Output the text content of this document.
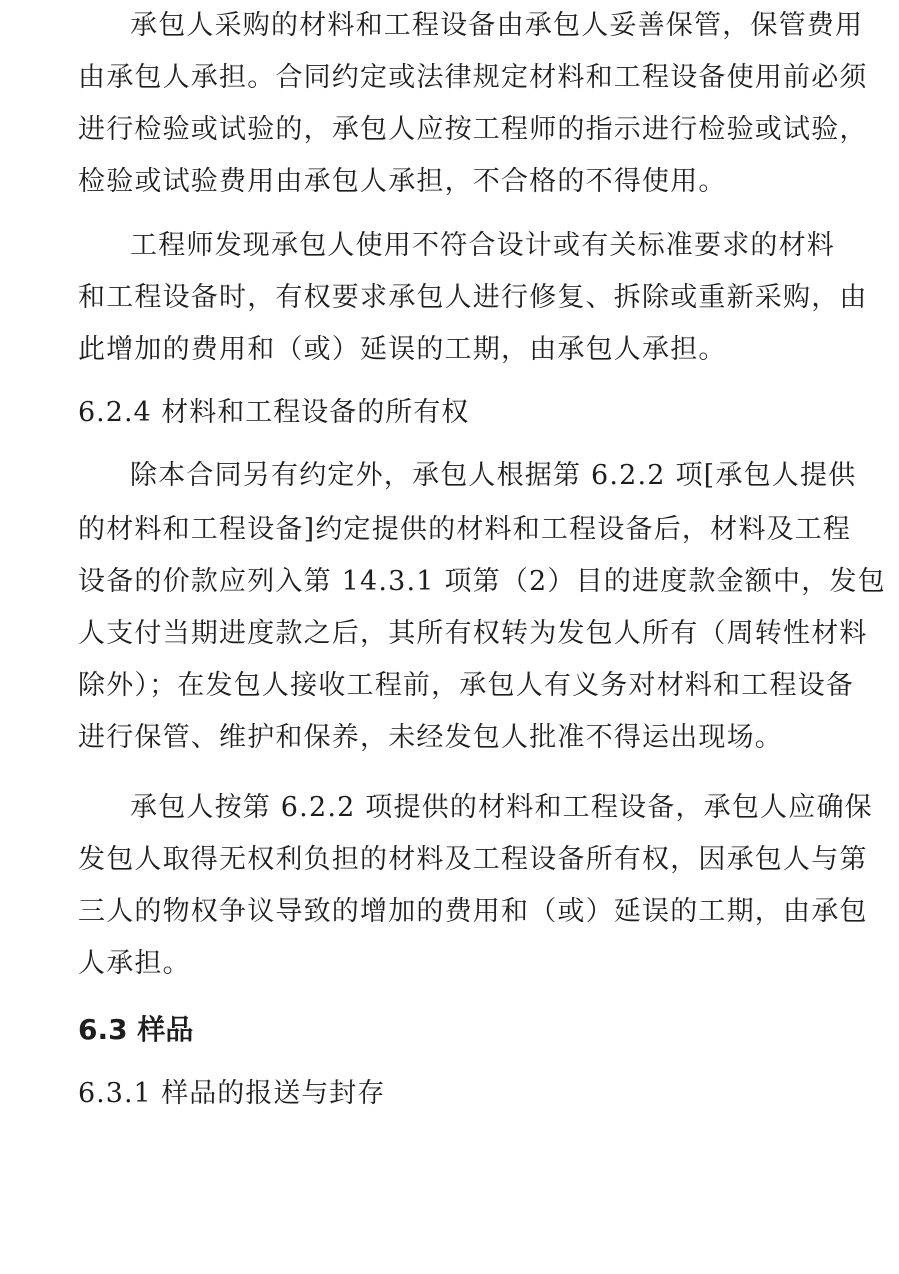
承包人采购的材料和工程设备由承包人妥善保管，保管费用
由承包人承担。合同约定或法律规定材料和工程设备使用前必须
进行检验或试验的，承包人应按工程师的指示进行检验或试验，
检验或试验费用由承包人承担，不合格的不得使用。
工程师发现承包人使用不符合设计或有关标准要求的材料
和工程设备时，有权要求承包人进行修复、拆除或重新采购，由
此增加的费用和（或）延误的工期，由承包人承担。
6.2.4 材料和工程设备的所有权
除本合同另有约定外，承包人根据第 6.2.2 项[承包人提供
的材料和工程设备]约定提供的材料和工程设备后，材料及工程
设备的价款应列入第 14.3.1 项第（2）目的进度款金额中，发包
人支付当期进度款之后，其所有权转为发包人所有（周转性材料
除外）；在发包人接收工程前，承包人有义务对材料和工程设备
进行保管、维护和保养，未经发包人批准不得运出现场。
承包人按第 6.2.2 项提供的材料和工程设备，承包人应确保
发包人取得无权利负担的材料及工程设备所有权，因承包人与第
三人的物权争议导致的增加的费用和（或）延误的工期，由承包
人承担。
6.3 样品
6.3.1 样品的报送与封存
